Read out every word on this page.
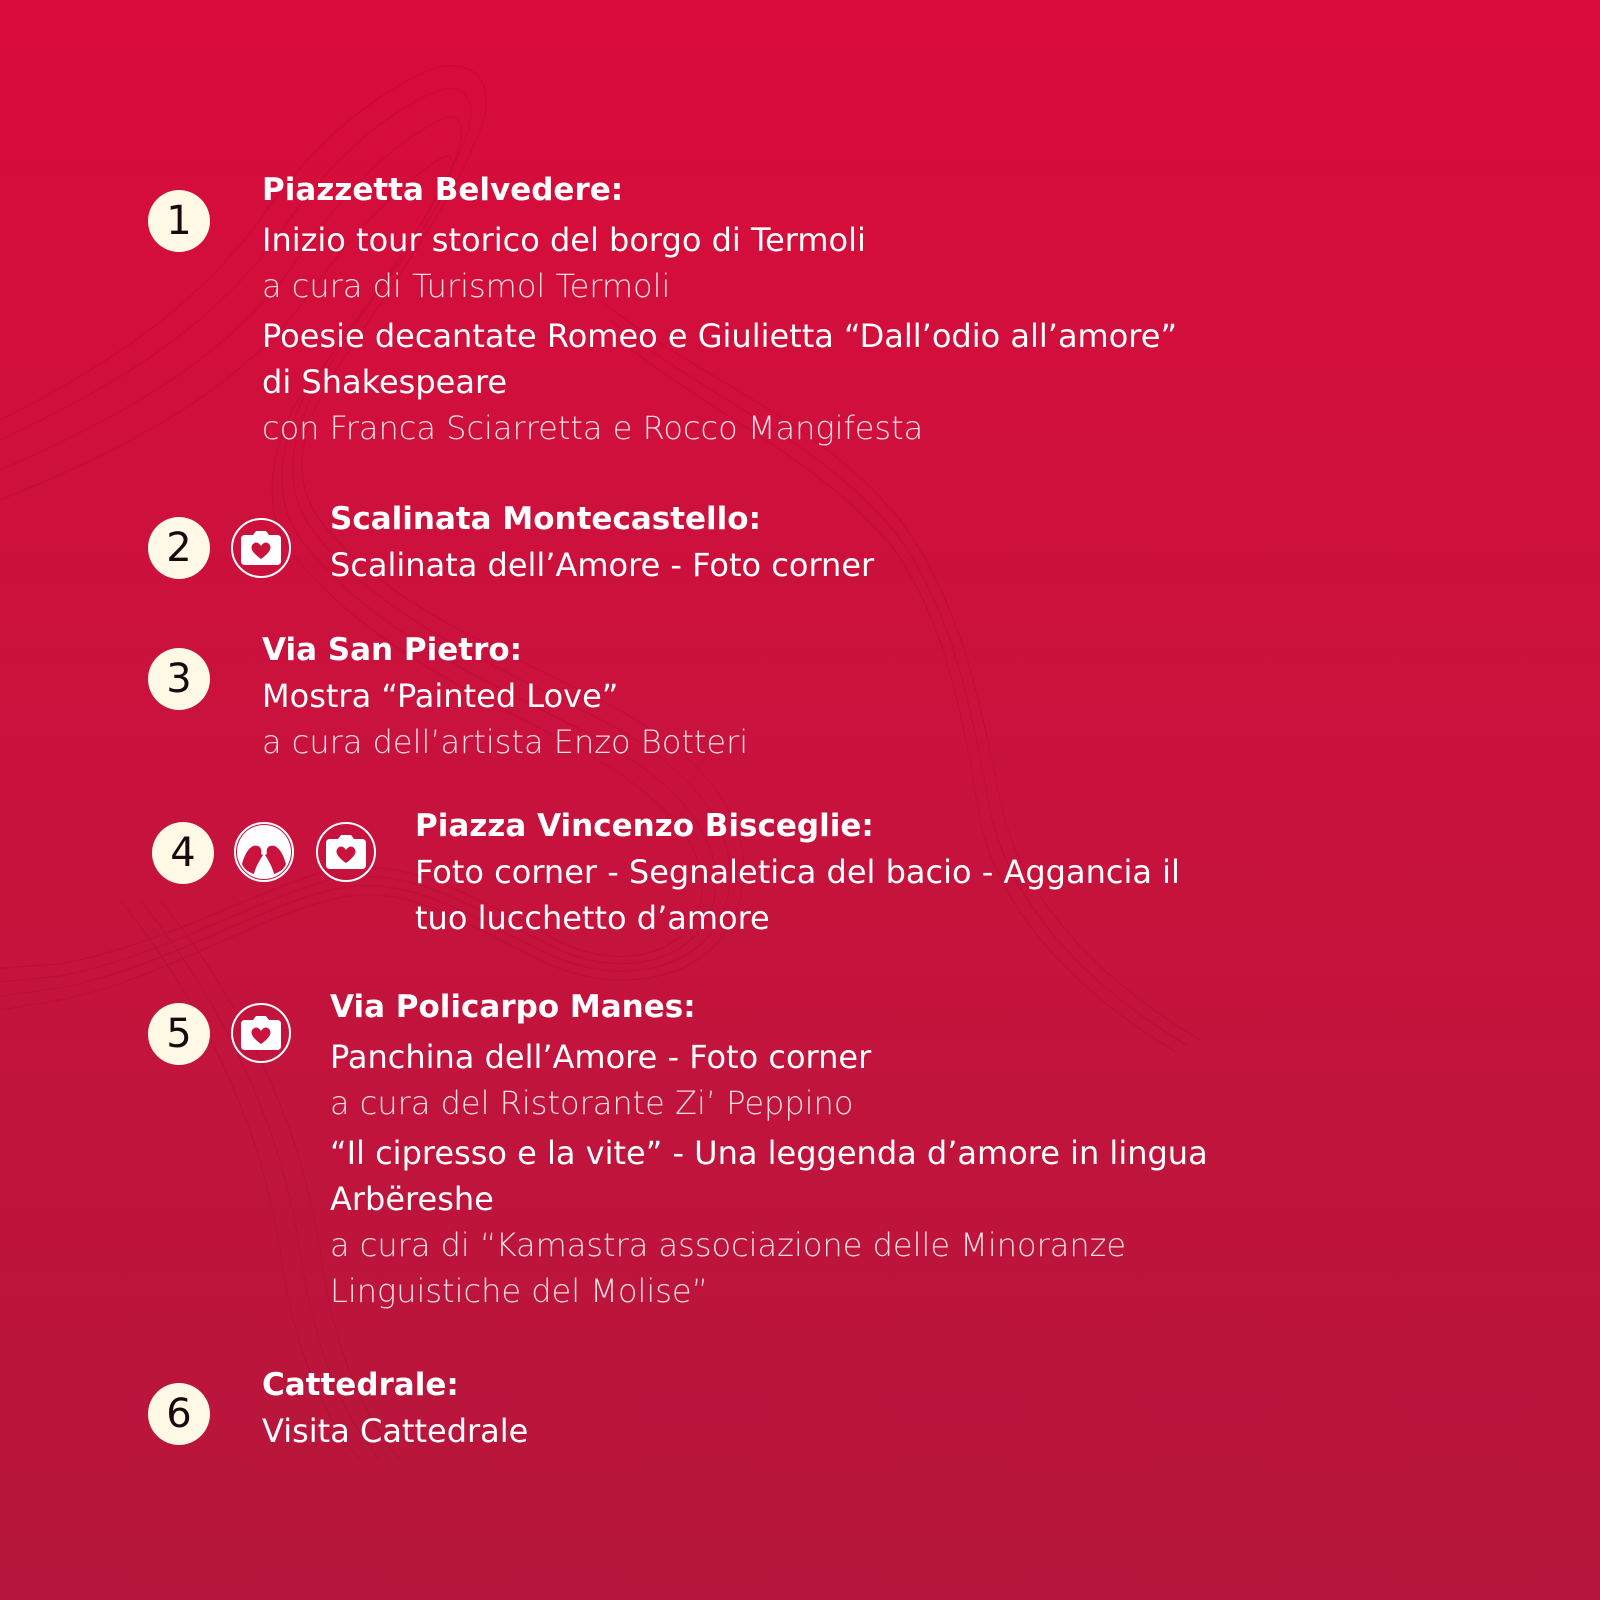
1

Piazzetta Belvedere:

Inizio tour storico del borgo di Termoli

a cura di Turismol Termoli

Poesie decantate Romeo e Giulietta “Dall’odio all’amore”
di Shakespeare

con Franca Sciarretta e Rocco Mangifesta

2

Scalinata Montecastello:

Scalinata dell’Amore - Foto corner

3

Via San Pietro:

Mostra “Painted Love”

a cura dell’artista Enzo Botteri

4

Piazza Vincenzo Bisceglie:

Foto corner - Segnaletica del bacio - Aggancia il
tuo lucchetto d’amore

5

Via Policarpo Manes:

Panchina dell’Amore - Foto corner

a cura del Ristorante Zi’ Peppino

“Il cipresso e la vite” - Una leggenda d’amore in lingua
Arbëreshe

a cura di “Kamastra associazione delle Minoranze
Linguistiche del Molise”

6

Cattedrale:

Visita Cattedrale
